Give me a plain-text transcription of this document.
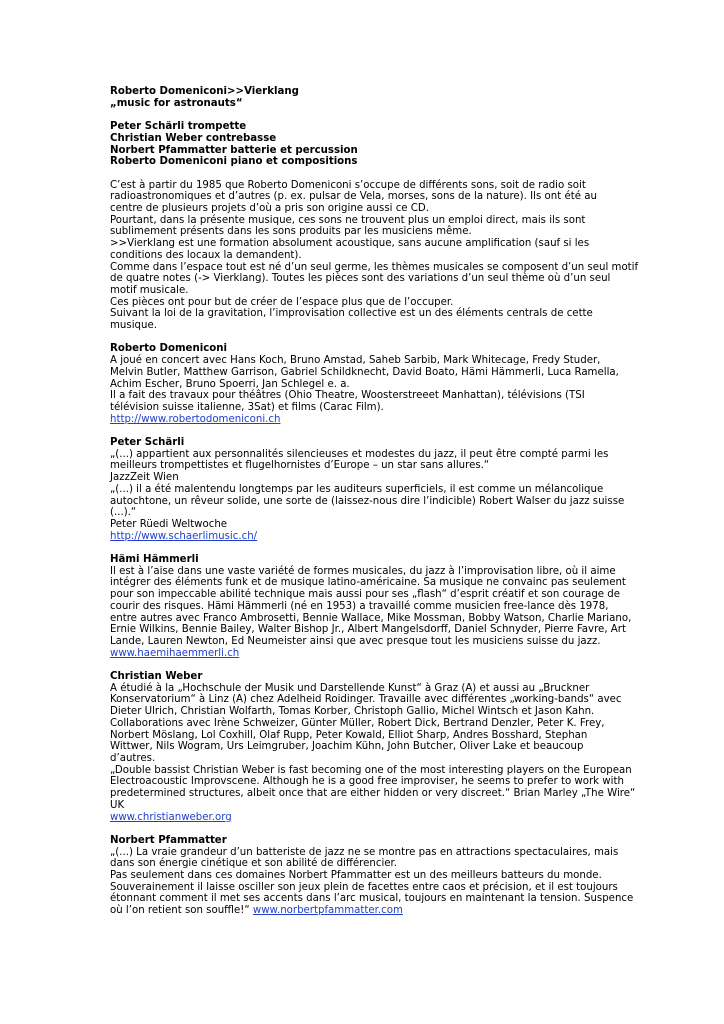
Roberto Domeniconi>>Vierklang
„music for astronauts“
Peter Schärli trompette
Christian Weber contrebasse
Norbert Pfammatter batterie et percussion
Roberto Domeniconi piano et compositions
C’est à partir du 1985 que Roberto Domeniconi s’occupe de différents sons, soit de radio soit
radioastronomiques et d’autres (p. ex. pulsar de Vela, morses, sons de la nature). Ils ont été au
centre de plusieurs projets d’où a pris son origine aussi ce CD.
Pourtant, dans la présente musique, ces sons ne trouvent plus un emploi direct, mais ils sont
sublimement présents dans les sons produits par les musiciens même.
>>Vierklang est une formation absolument acoustique, sans aucune amplification (sauf si les
conditions des locaux la demandent).
Comme dans l’espace tout est né d’un seul germe, les thèmes musicales se composent d’un seul motif
de quatre notes (-> Vierklang). Toutes les pièces sont des variations d’un seul thème où d’un seul
motif musicale.
Ces pièces ont pour but de créer de l’espace plus que de l’occuper.
Suivant la loi de la gravitation, l’improvisation collective est un des éléments centrals de cette
musique.
Roberto Domeniconi
A joué en concert avec Hans Koch, Bruno Amstad, Saheb Sarbib, Mark Whitecage, Fredy Studer,
Melvin Butler, Matthew Garrison, Gabriel Schildknecht, David Boato, Hämi Hämmerli, Luca Ramella,
Achim Escher, Bruno Spoerri, Jan Schlegel e. a.
Il a fait des travaux pour théâtres (Ohio Theatre, Woosterstreeet Manhattan), télévisions (TSI
télévision suisse italienne, 3Sat) et films (Carac Film).
http://www.robertodomeniconi.ch
Peter Schärli
„(...) appartient aux personnalités silencieuses et modestes du jazz, il peut être compté parmi les
meilleurs trompettistes et flugelhornistes d’Europe – un star sans allures.“
JazzZeit Wien
„(...) il a été malentendu longtemps par les auditeurs superficiels, il est comme un mélancolique
autochtone, un rêveur solide, une sorte de (laissez-nous dire l’indicible) Robert Walser du jazz suisse
(...).“
Peter Rüedi Weltwoche
http://www.schaerlimusic.ch/
Hämi Hämmerli
Il est à l’aise dans une vaste variété de formes musicales, du jazz à l’improvisation libre, où il aime
intégrer des éléments funk et de musique latino-américaine. Sa musique ne convainc pas seulement
pour son impeccable abilité technique mais aussi pour ses „flash“ d’esprit créatif et son courage de
courir des risques. Hämi Hämmerli (né en 1953) a travaillé comme musicien free-lance dès 1978,
entre autres avec Franco Ambrosetti, Bennie Wallace, Mike Mossman, Bobby Watson, Charlie Mariano,
Ernie Wilkins, Bennie Bailey, Walter Bishop Jr., Albert Mangelsdorff, Daniel Schnyder, Pierre Favre, Art
Lande, Lauren Newton, Ed Neumeister ainsi que avec presque tout les musiciens suisse du jazz.
www.haemihaemmerli.ch
Christian Weber
A étudié à la „Hochschule der Musik und Darstellende Kunst“ à Graz (A) et aussi au „Bruckner
Konservatorium“ à Linz (A) chez Adelheid Roidinger. Travaille avec différentes „working-bands“ avec
Dieter Ulrich, Christian Wolfarth, Tomas Korber, Christoph Gallio, Michel Wintsch et Jason Kahn.
Collaborations avec Irène Schweizer, Günter Müller, Robert Dick, Bertrand Denzler, Peter K. Frey,
Norbert Möslang, Lol Coxhill, Olaf Rupp, Peter Kowald, Elliot Sharp, Andres Bosshard, Stephan
Wittwer, Nils Wogram, Urs Leimgruber, Joachim Kühn, John Butcher, Oliver Lake et beaucoup
d’autres.
„Double bassist Christian Weber is fast becoming one of the most interesting players on the European
Electroacoustic Improvscene. Although he is a good free improviser, he seems to prefer to work with
predetermined structures, albeit once that are either hidden or very discreet.“ Brian Marley „The Wire“
UK
www.christianweber.org
Norbert Pfammatter
„(...) La vraie grandeur d’un batteriste de jazz ne se montre pas en attractions spectaculaires, mais
dans son énergie cinétique et son abilité de différencier.
Pas seulement dans ces domaines Norbert Pfammatter est un des meilleurs batteurs du monde.
Souverainement il laisse osciller son jeux plein de facettes entre caos et précision, et il est toujours
étonnant comment il met ses accents dans l’arc musical, toujours en maintenant la tension. Suspence
où l’on retient son souffle!“ www.norbertpfammatter.com
